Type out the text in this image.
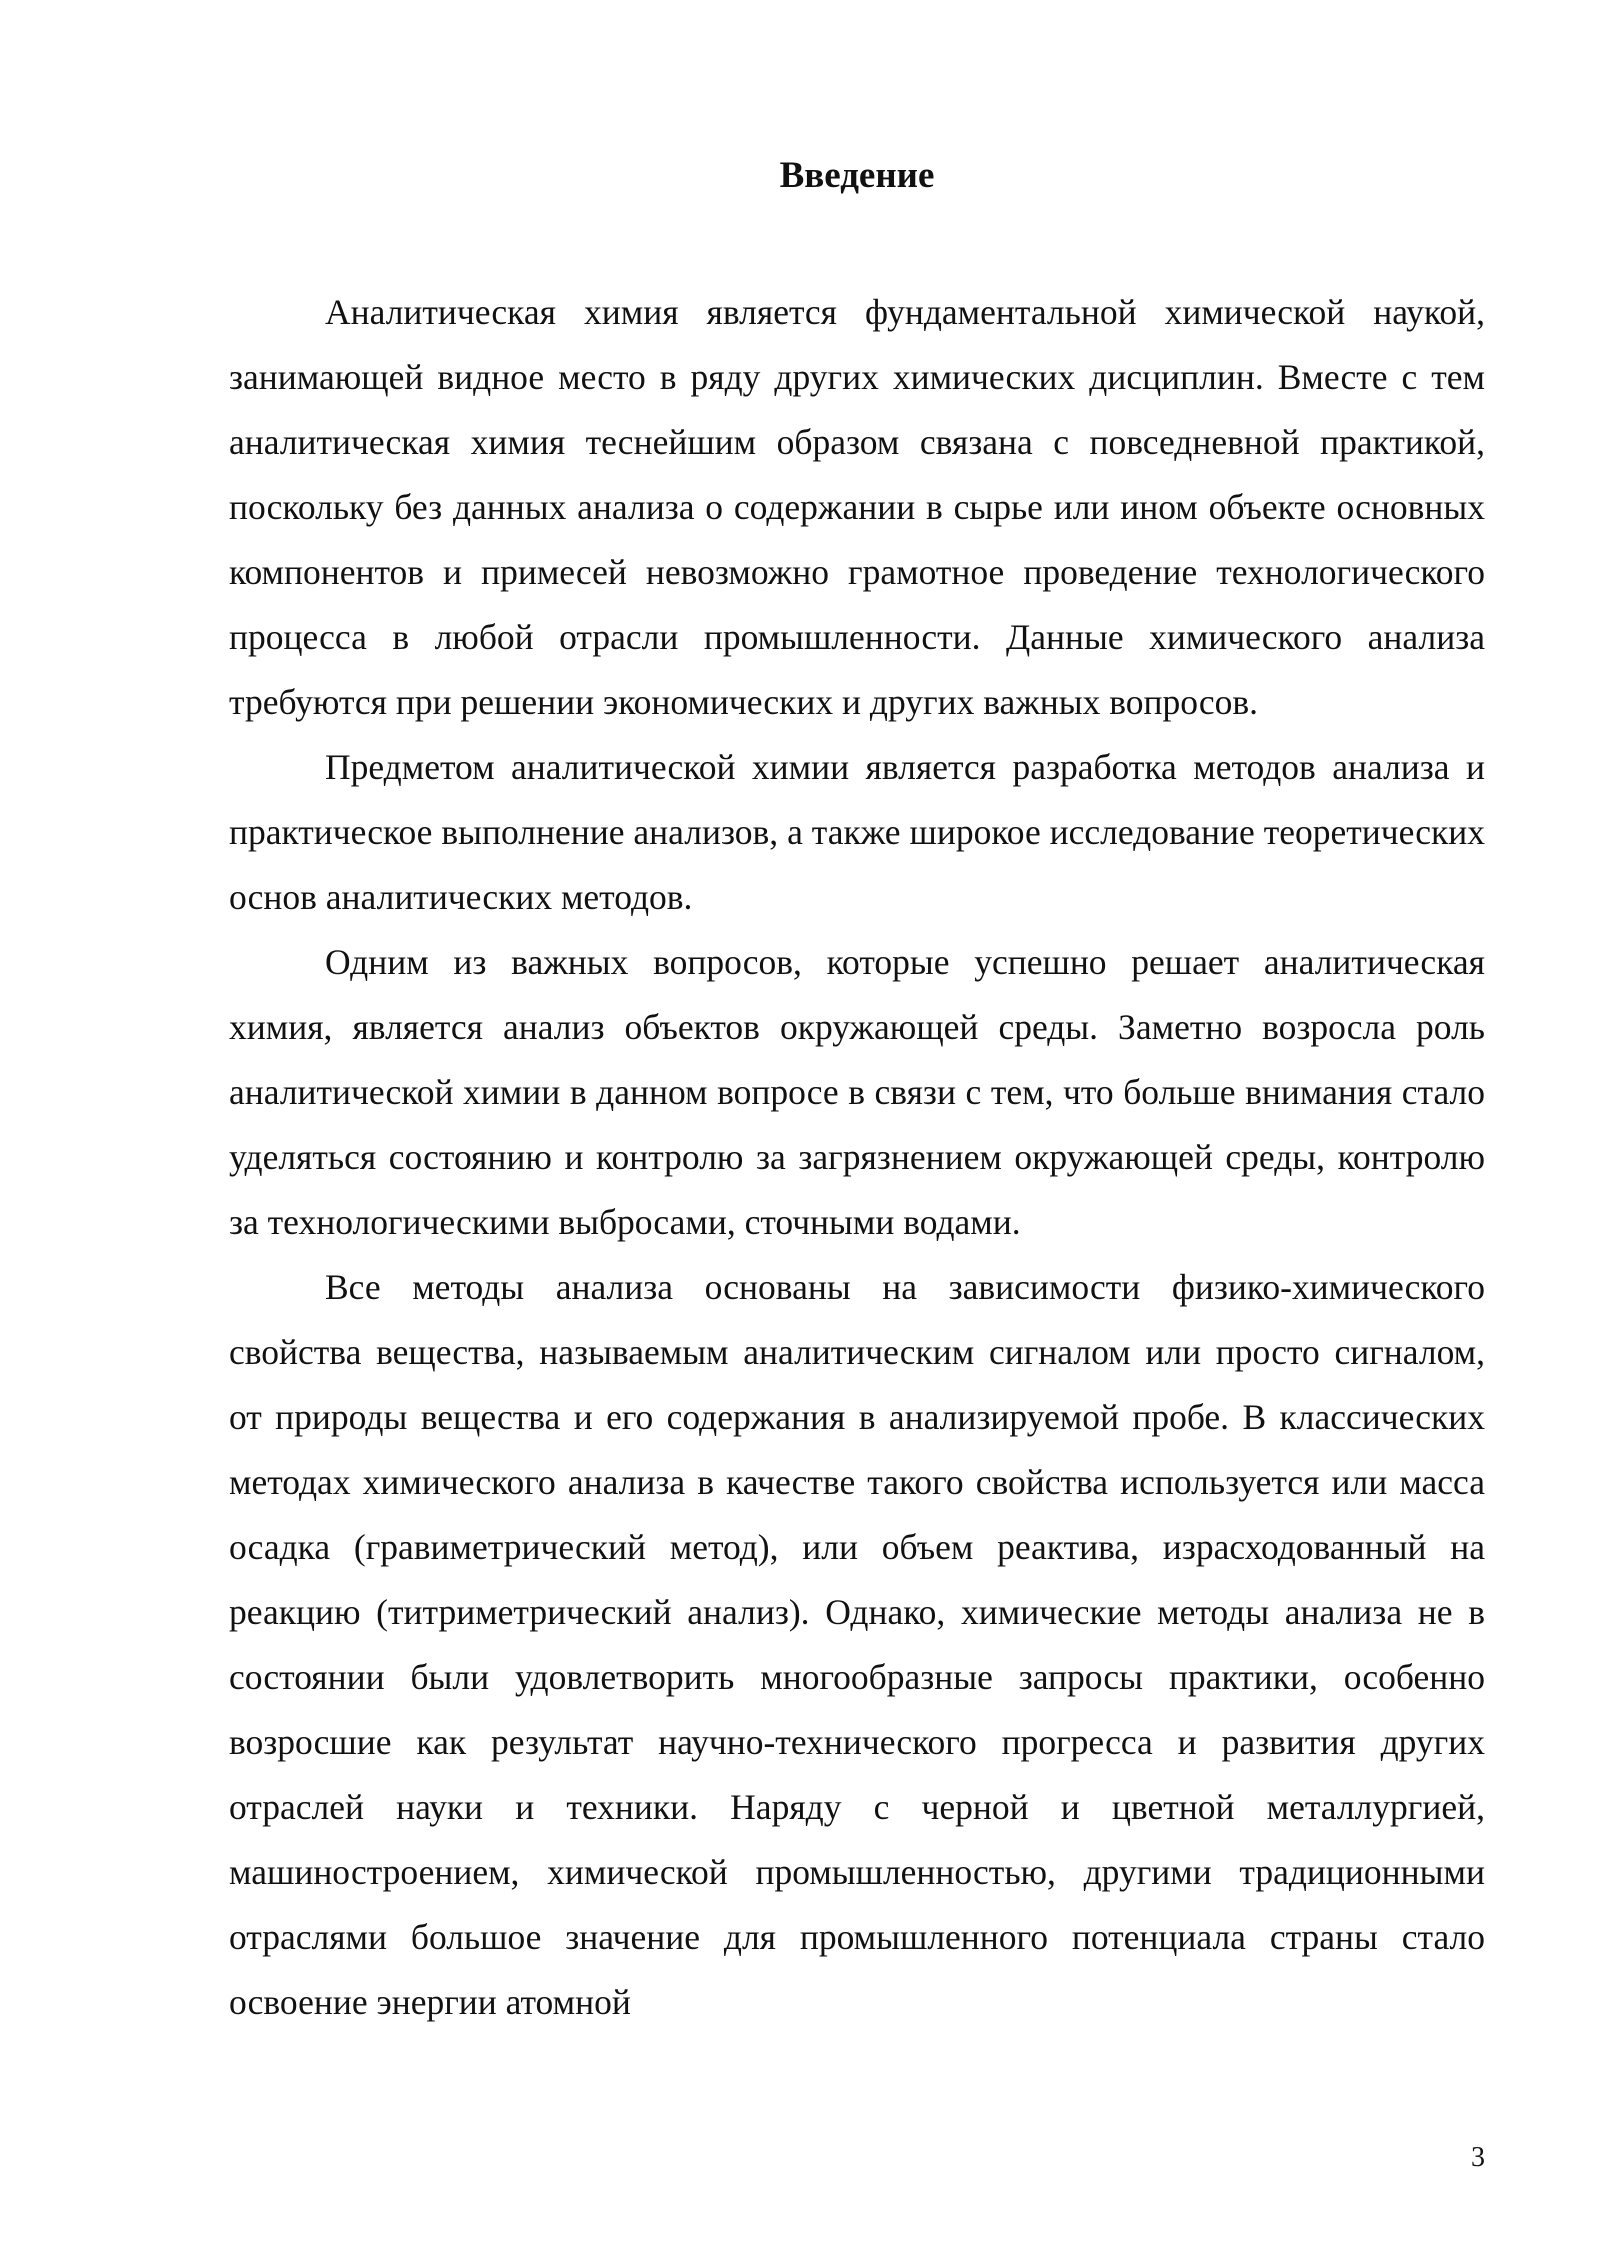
Введение

Аналитическая химия является фундаментальной химической наукой, занимающей видное место в ряду других химических дисциплин. Вместе с тем аналитическая химия теснейшим образом связана с повседневной практикой, поскольку без данных анализа о содержании в сырье или ином объекте основных компонентов и примесей невозможно грамотное проведение технологического процесса в любой отрасли промышленности. Данные химического анализа требуются при решении экономических и других важных вопросов.

Предметом аналитической химии является разработка методов анализа и практическое выполнение анализов, а также широкое исследование теоретических основ аналитических методов.

Одним из важных вопросов, которые успешно решает аналитическая химия, является анализ объектов окружающей среды. Заметно возросла роль аналитической химии в данном вопросе в связи с тем, что больше внимания стало уделяться состоянию и контролю за загрязнением окружающей среды, контролю за технологическими выбросами, сточными водами.

Все методы анализа основаны на зависимости физико-химического свойства вещества, называемым аналитическим сигналом или просто сигналом, от природы вещества и его содержания в анализируемой пробе. В классических методах химического анализа в качестве такого свойства используется или масса осадка (гравиметрический метод), или объем реактива, израсходованный на реакцию (титриметрический анализ). Однако, химические методы анализа не в состоянии были удовлетворить многообразные запросы практики, особенно возросшие как результат научно-технического прогресса и развития других отраслей науки и техники. Наряду с черной и цветной металлургией, машиностроением, химической промышленностью, другими традиционными отраслями большое значение для промышленного потенциала страны стало освоение энергии атомной

3
